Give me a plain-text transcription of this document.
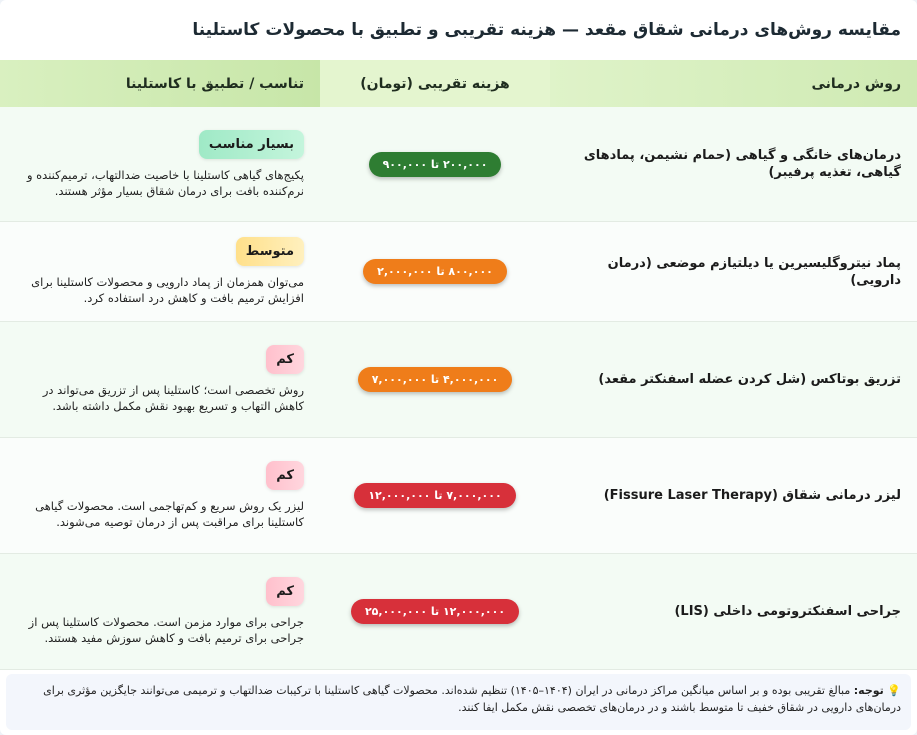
مقایسه روش‌های درمانی شقاق مقعد — هزینه تقریبی و تطبیق با محصولات کاستلینا
روش درمانی
هزینه تقریبی (تومان)
تناسب / تطبیق با کاستلینا
درمان‌های خانگی و گیاهی (حمام نشیمن، پمادهای گیاهی، تغذیه پرفیبر)
۲۰۰,۰۰۰ تا ۹۰۰,۰۰۰
بسیار مناسب
پکیج‌های گیاهی کاستلینا با خاصیت ضدالتهاب، ترمیم‌کننده و نرم‌کننده بافت برای درمان شقاق بسیار مؤثر هستند.
پماد نیتروگلیسیرین یا دیلتیازم موضعی (درمان دارویی)
۸۰۰,۰۰۰ تا ۲,۰۰۰,۰۰۰
متوسط
می‌توان همزمان از پماد دارویی و محصولات کاستلینا برای افزایش ترمیم بافت و کاهش درد استفاده کرد.
تزریق بوتاکس (شل کردن عضله اسفنکتر مقعد)
۴,۰۰۰,۰۰۰ تا ۷,۰۰۰,۰۰۰
کم
روش تخصصی است؛ کاستلینا پس از تزریق می‌تواند در کاهش التهاب و تسریع بهبود نقش مکمل داشته باشد.
لیزر درمانی شقاق (Fissure Laser Therapy)
۷,۰۰۰,۰۰۰ تا ۱۲,۰۰۰,۰۰۰
کم
لیزر یک روش سریع و کم‌تهاجمی است. محصولات گیاهی کاستلینا برای مراقبت پس از درمان توصیه می‌شوند.
جراحی اسفنکتروتومی داخلی (LIS)
۱۲,۰۰۰,۰۰۰ تا ۲۵,۰۰۰,۰۰۰
کم
جراحی برای موارد مزمن است. محصولات کاستلینا پس از جراحی برای ترمیم بافت و کاهش سوزش مفید هستند.
💡 توجه: مبالغ تقریبی بوده و بر اساس میانگین مراکز درمانی در ایران (۱۴۰۴–۱۴۰۵) تنظیم شده‌اند. محصولات گیاهی کاستلینا با ترکیبات ضدالتهاب و ترمیمی می‌توانند جایگزین مؤثری برای درمان‌های دارویی در شقاق خفیف تا متوسط باشند و در درمان‌های تخصصی نقش مکمل ایفا کنند.
